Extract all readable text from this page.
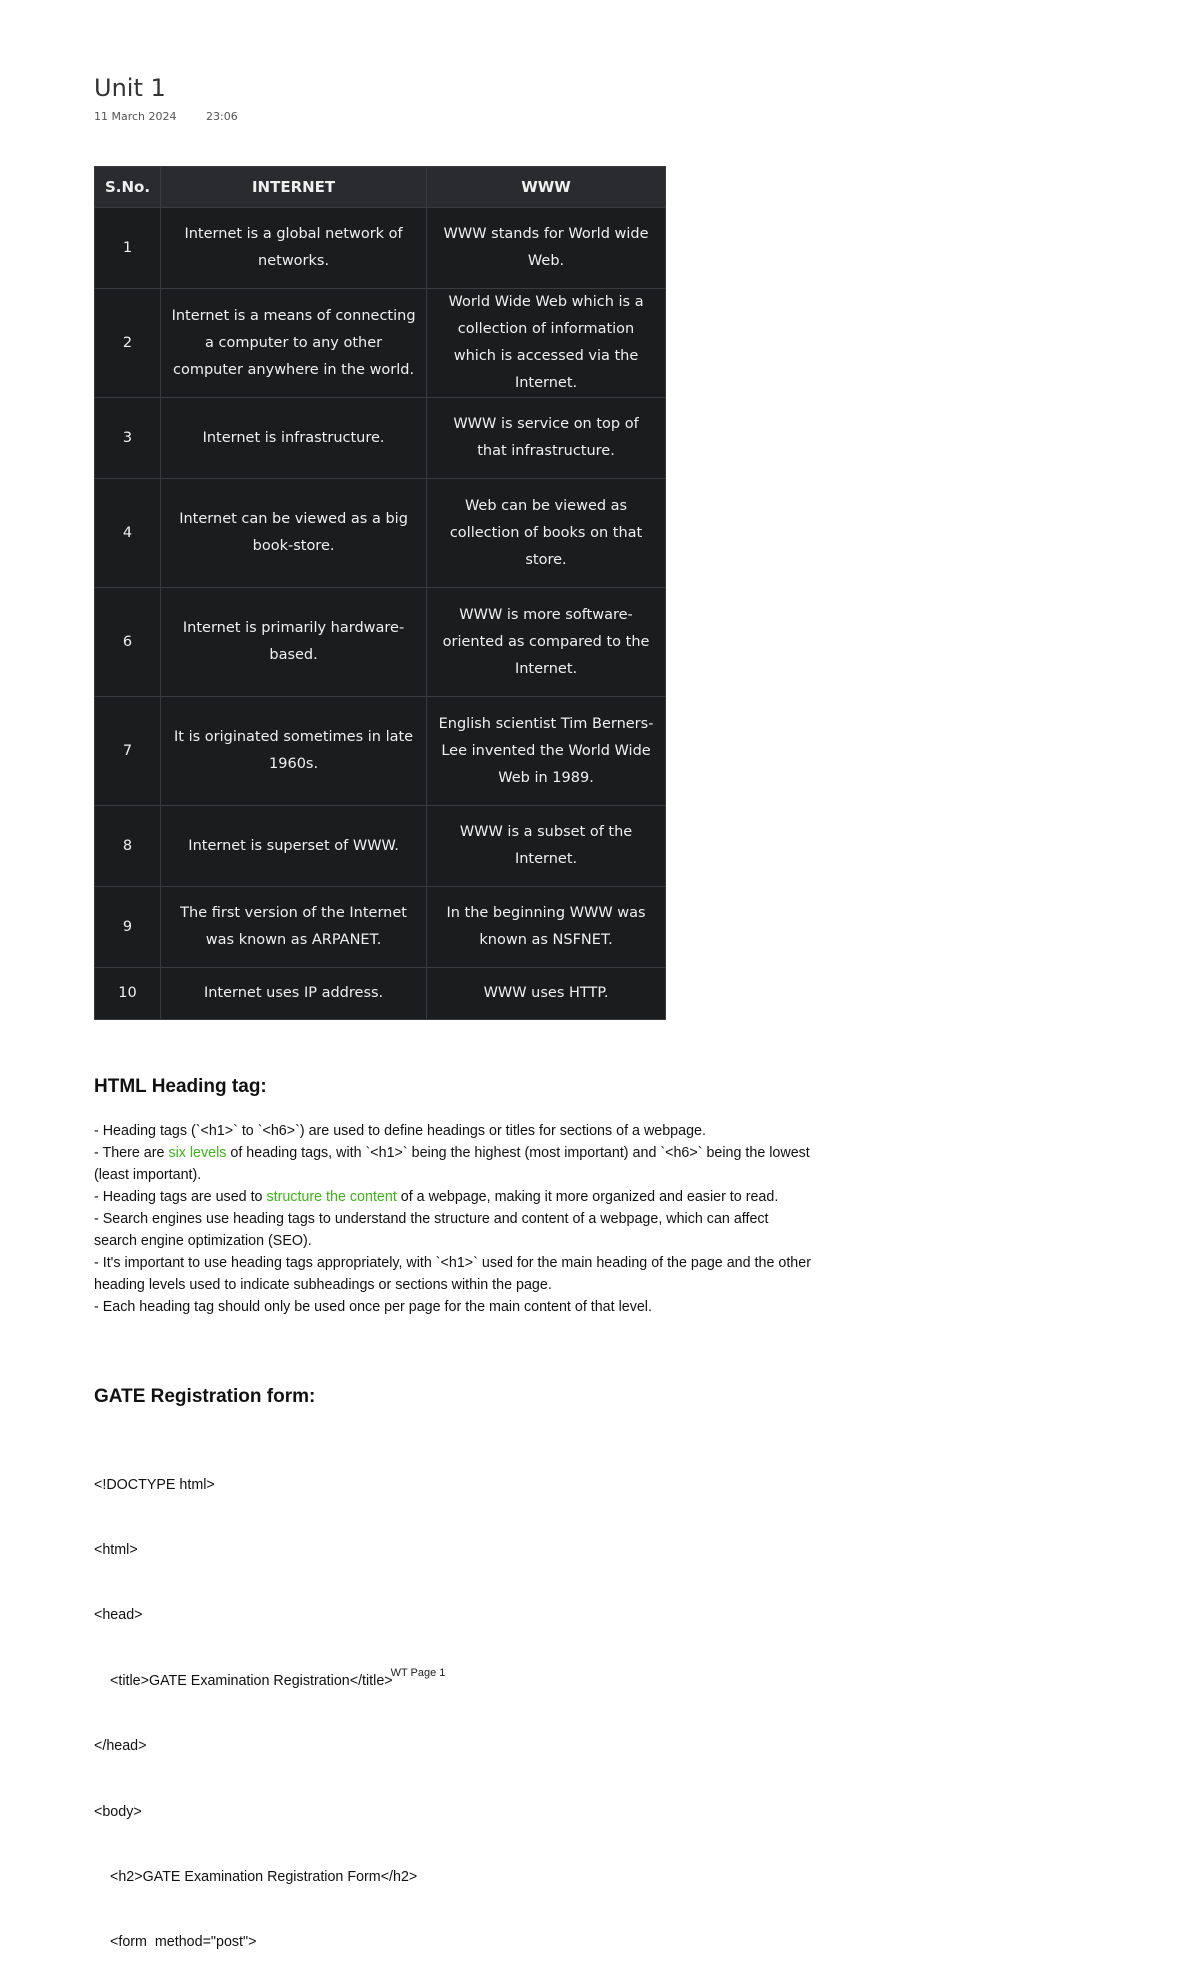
Unit 1
11 March 2024	23:06
S.No.	INTERNET	WWW
1	Internet is a global network of networks.	WWW stands for World wide Web.
2	Internet is a means of connecting a computer to any other computer anywhere in the world.	World Wide Web which is a collection of information which is accessed via the Internet.
3	Internet is infrastructure.	WWW is service on top of that infrastructure.
4	Internet can be viewed as a big book-store.	Web can be viewed as collection of books on that store.
6	Internet is primarily hardware-based.	WWW is more software-oriented as compared to the Internet.
7	It is originated sometimes in late 1960s.	English scientist Tim Berners-Lee invented the World Wide Web in 1989.
8	Internet is superset of WWW.	WWW is a subset of the Internet.
9	The first version of the Internet was known as ARPANET.	In the beginning WWW was known as NSFNET.
10	Internet uses IP address.	WWW uses HTTP.
HTML Heading tag:

- Heading tags (`<h1>` to `<h6>`) are used to define headings or titles for sections of a webpage.

- There are six levels of heading tags, with `<h1>` being the highest (most important) and `<h6>` being the lowest (least important).

- Heading tags are used to structure the content of a webpage, making it more organized and easier to read.

- Search engines use heading tags to understand the structure and content of a webpage, which can affect search engine optimization (SEO).

- It's important to use heading tags appropriately, with `<h1>` used for the main heading of the page and the other heading levels used to indicate subheadings or sections within the page.

- Each heading tag should only be used once per page for the main content of that level.

GATE Registration form:

<!DOCTYPE html>

<html>

<head>

<title>GATE Examination Registration</title>

</head>

<body>

<h2>GATE Examination Registration Form</h2>

<form  method="post">

WT Page 1
